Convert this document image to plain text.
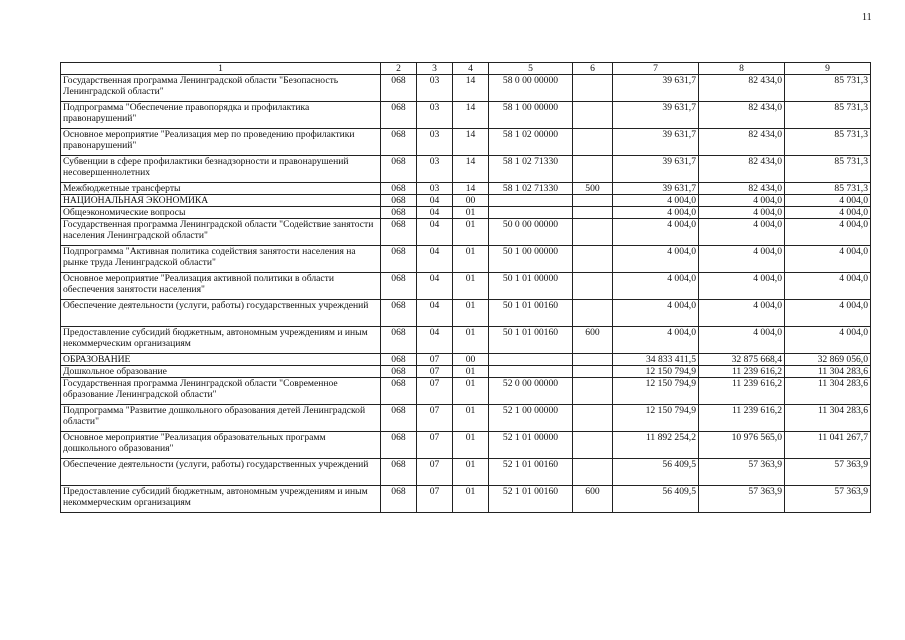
11
1	2	3	4	5	6	7	8	9
Государственная программа Ленинградской области "Безопасность Ленинградской области"	068	03	14	58 0 00 00000		39 631,7	82 434,0	85 731,3
Подпрограмма "Обеспечение правопорядка и профилактика правонарушений"	068	03	14	58 1 00 00000		39 631,7	82 434,0	85 731,3
Основное мероприятие "Реализация мер по проведению профилактики правонарушений"	068	03	14	58 1 02 00000		39 631,7	82 434,0	85 731,3
Субвенции в сфере профилактики безнадзорности и правонарушений несовершеннолетних	068	03	14	58 1 02 71330		39 631,7	82 434,0	85 731,3
Межбюджетные трансферты	068	03	14	58 1 02 71330	500	39 631,7	82 434,0	85 731,3
НАЦИОНАЛЬНАЯ ЭКОНОМИКА	068	04	00			4 004,0	4 004,0	4 004,0
Общеэкономические вопросы	068	04	01			4 004,0	4 004,0	4 004,0
Государственная программа Ленинградской области "Содействие занятости населения Ленинградской области"	068	04	01	50 0 00 00000		4 004,0	4 004,0	4 004,0
Подпрограмма "Активная политика содействия занятости населения на рынке труда Ленинградской области"	068	04	01	50 1 00 00000		4 004,0	4 004,0	4 004,0
Основное мероприятие "Реализация активной политики в области обеспечения занятости населения"	068	04	01	50 1 01 00000		4 004,0	4 004,0	4 004,0
Обеспечение деятельности (услуги, работы) государственных учреждений	068	04	01	50 1 01 00160		4 004,0	4 004,0	4 004,0
Предоставление субсидий бюджетным, автономным учреждениям и иным некоммерческим организациям	068	04	01	50 1 01 00160	600	4 004,0	4 004,0	4 004,0
ОБРАЗОВАНИЕ	068	07	00			34 833 411,5	32 875 668,4	32 869 056,0
Дошкольное образование	068	07	01			12 150 794,9	11 239 616,2	11 304 283,6
Государственная программа Ленинградской области "Современное образование Ленинградской области"	068	07	01	52 0 00 00000		12 150 794,9	11 239 616,2	11 304 283,6
Подпрограмма "Развитие дошкольного образования детей Ленинградской области"	068	07	01	52 1 00 00000		12 150 794,9	11 239 616,2	11 304 283,6
Основное мероприятие "Реализация образовательных программ дошкольного образования"	068	07	01	52 1 01 00000		11 892 254,2	10 976 565,0	11 041 267,7
Обеспечение деятельности (услуги, работы) государственных учреждений	068	07	01	52 1 01 00160		56 409,5	57 363,9	57 363,9
Предоставление субсидий бюджетным, автономным учреждениям и иным некоммерческим организациям	068	07	01	52 1 01 00160	600	56 409,5	57 363,9	57 363,9
